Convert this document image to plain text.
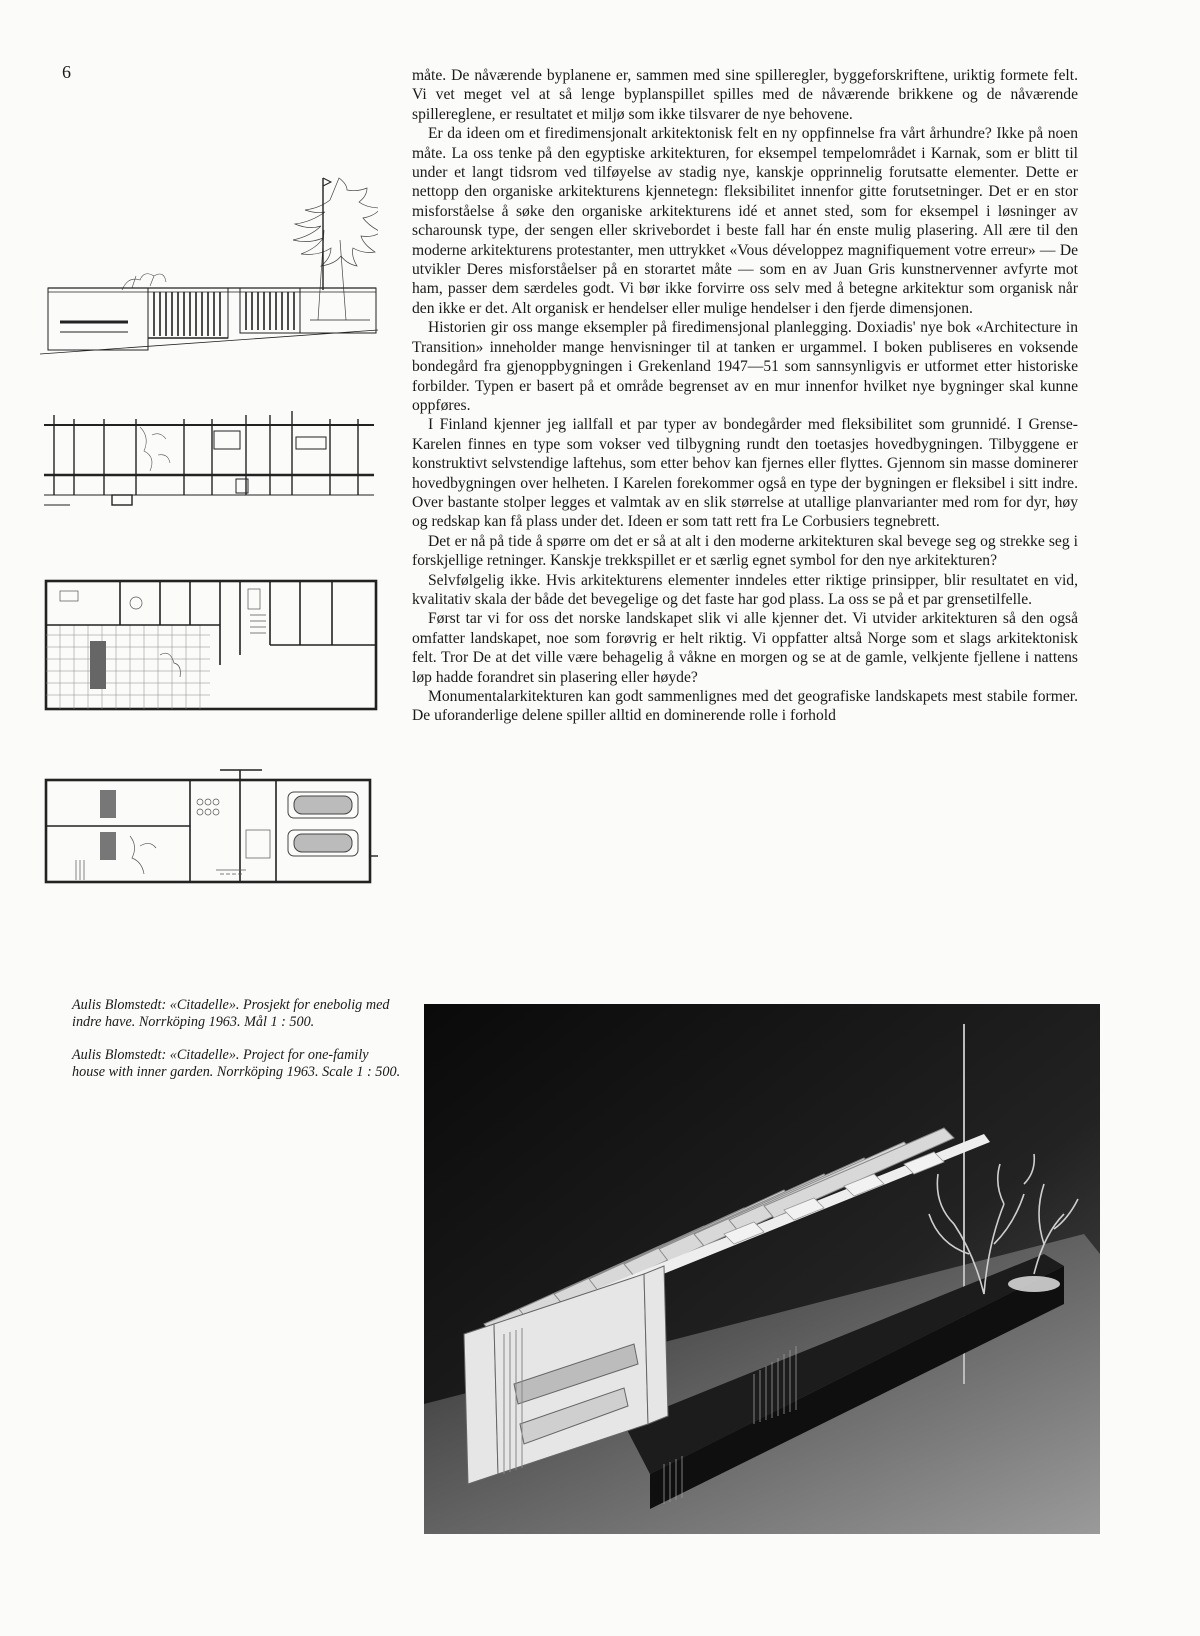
6	måte. De nåværende byplanene er, sammen med sine spilleregler, byggeforskriftene, uriktig formete felt. Vi vet meget vel at så lenge byplanspillet spilles med de nåværende brikkene og de nåværende spillereglene, er resultatet et miljø som ikke tilsvarer de nye behovene.

Er da ideen om et firedimensjonalt arkitektonisk felt en ny oppfinnelse fra vårt århundre? Ikke på noen måte. La oss tenke på den egyptiske arkitekturen, for eksempel tempelområdet i Karnak, som er blitt til under et langt tidsrom ved tilføyelse av stadig nye, kanskje opprinnelig forutsatte elementer. Dette er nettopp den organiske arkitekturens kjennetegn: fleksibilitet innenfor gitte forutsetninger. Det er en stor misforståelse å søke den organiske arkitekturens idé et annet sted, som for eksempel i løsninger av scharounsk type, der sengen eller skrivebordet i beste fall har én enste mulig plasering. All ære til den moderne arkitekturens protestanter, men uttrykket «Vous développez magnifiquement votre erreur» — De utvikler Deres misforståelser på en storartet måte — som en av Juan Gris kunstnervenner avfyrte mot ham, passer dem særdeles godt. Vi bør ikke forvirre oss selv med å betegne arkitektur som organisk når den ikke er det. Alt organisk er hendelser eller mulige hendelser i den fjerde dimensjonen.

Historien gir oss mange eksempler på firedimensjonal planlegging. Doxiadis' nye bok «Architecture in Transition» inneholder mange henvisninger til at tanken er urgammel. I boken publiseres en voksende bondegård fra gjenoppbygningen i Grekenland 1947—51 som sannsynligvis er utformet etter historiske forbilder. Typen er basert på et område begrenset av en mur innenfor hvilket nye bygninger skal kunne oppføres.

I Finland kjenner jeg iallfall et par typer av bondegårder med fleksibilitet som grunnidé. I Grense-Karelen finnes en type som vokser ved tilbygning rundt den toetasjes hovedbygningen. Tilbyggene er konstruktivt selvstendige laftehus, som etter behov kan fjernes eller flyttes. Gjennom sin masse dominerer hovedbygningen over helheten. I Karelen forekommer også en type der bygningen er fleksibel i sitt indre. Over bastante stolper legges et valmtak av en slik størrelse at utallige planvarianter med rom for dyr, høy og redskap kan få plass under det. Ideen er som tatt rett fra Le Corbusiers tegnebrett.

Det er nå på tide å spørre om det er så at alt i den moderne arkitekturen skal bevege seg og strekke seg i forskjellige retninger. Kanskje trekkspillet er et særlig egnet symbol for den nye arkitekturen?

Selvfølgelig ikke. Hvis arkitekturens elementer inndeles etter riktige prinsipper, blir resultatet en vid, kvalitativ skala der både det bevegelige og det faste har god plass. La oss se på et par grensetilfelle.

Først tar vi for oss det norske landskapet slik vi alle kjenner det. Vi utvider arkitekturen så den også omfatter landskapet, noe som forøvrig er helt riktig. Vi oppfatter altså Norge som et slags arkitektonisk felt. Tror De at det ville være behagelig å våkne en morgen og se at de gamle, velkjente fjellene i nattens løp hadde forandret sin plasering eller høyde?

Monumentalarkitekturen kan godt sammenlignes med det geografiske landskapets mest stabile former. De uforanderlige delene spiller alltid en dominerende rolle i forhold

Aulis Blomstedt: «Citadelle». Prosjekt for enebolig med indre have. Norrköping 1963. Mål 1 : 500.

Aulis Blomstedt: «Citadelle». Project for one-family house with inner garden. Norrköping 1963. Scale 1 : 500.
